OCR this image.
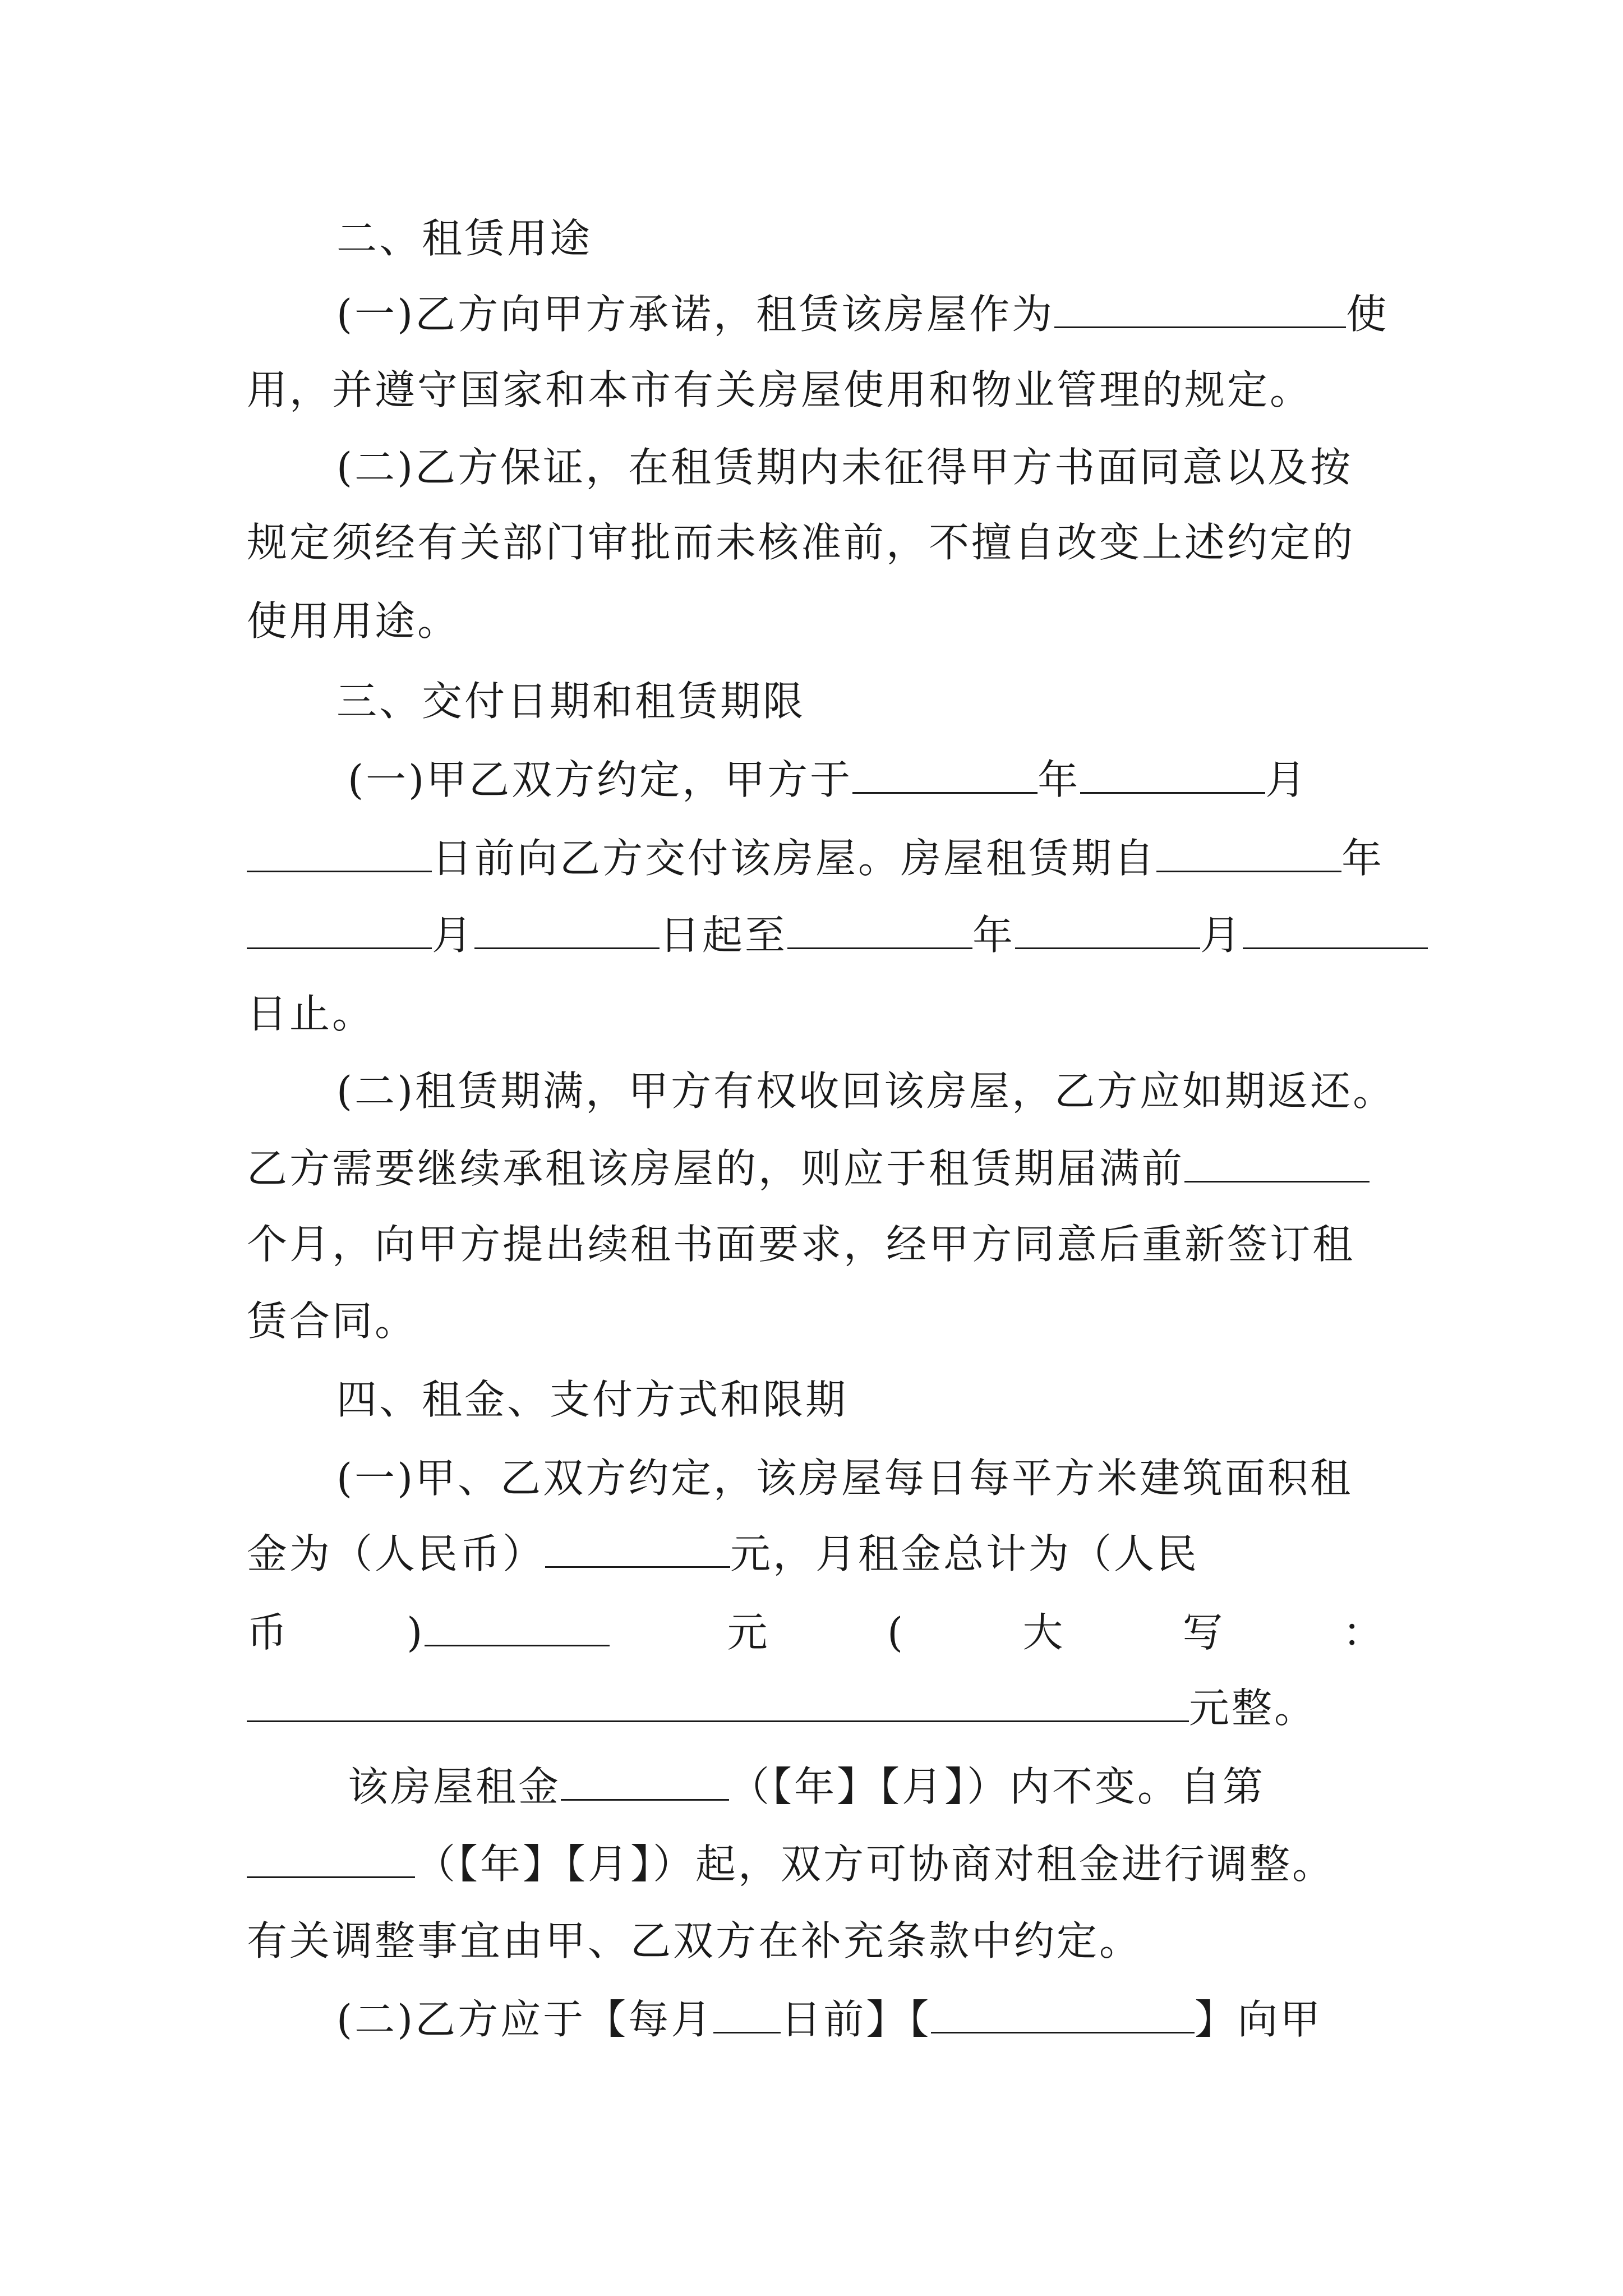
二、租赁用途
(一)乙方向甲方承诺，租赁该房屋作为	使
用，并遵守国家和本市有关房屋使用和物业管理的规定。
(二)乙方保证，在租赁期内未征得甲方书面同意以及按
规定须经有关部门审批而未核准前，不擅自改变上述约定的
使用用途。
三、交付日期和租赁期限
(一)甲乙双方约定，甲方于	年	月
日前向乙方交付该房屋。房屋租赁期自	年
月	日起至	年	月
日止。
(二)租赁期满，甲方有权收回该房屋，乙方应如期返还。
乙方需要继续承租该房屋的，则应于租赁期届满前
个月，向甲方提出续租书面要求，经甲方同意后重新签订租
赁合同。
四、租金、支付方式和限期
(一)甲、乙双方约定，该房屋每日每平方米建筑面积租
金为（人民币）	元，月租金总计为（人民
币	)	元	(	大	写	：
元整。
该房屋租金	（【年】【月】）内不变。自第
（【年】【月】）起，双方可协商对租金进行调整。
有关调整事宜由甲、乙双方在补充条款中约定。
(二)乙方应于【每月 日前】【	】向甲
